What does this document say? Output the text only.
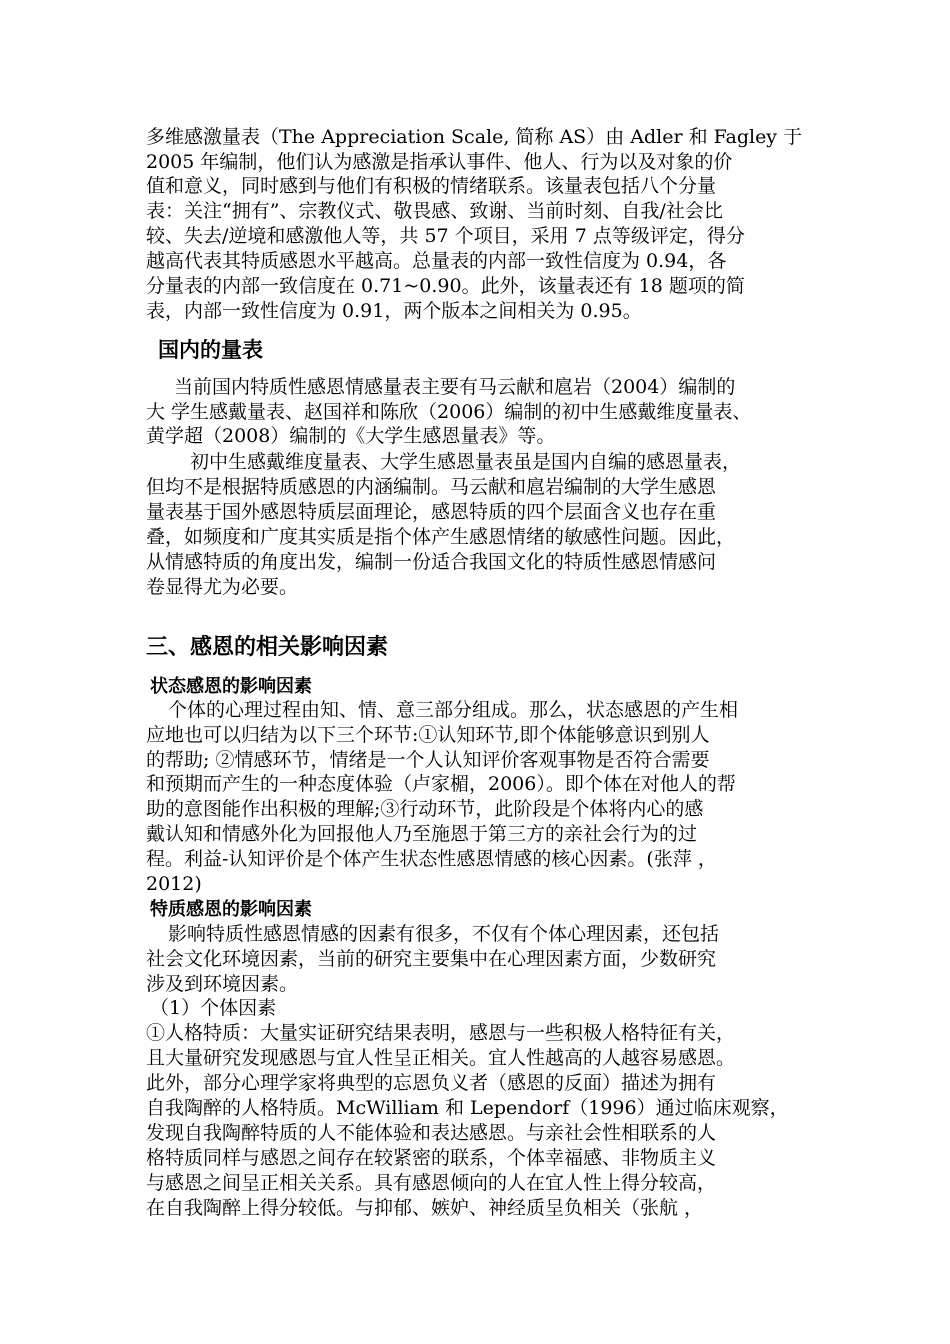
多维感激量表（The Appreciation Scale, 简称 AS）由 Adler 和 Fagley 于
2005 年编制，他们认为感激是指承认事件、他人、行为以及对象的价
值和意义，同时感到与他们有积极的情绪联系。该量表包括八个分量
表：关注“拥有”、宗教仪式、敬畏感、致谢、当前时刻、自我/社会比
较、失去/逆境和感激他人等，共 57 个项目，采用 7 点等级评定，得分
越高代表其特质感恩水平越高。总量表的内部一致性信度为 0.94，各
分量表的内部一致信度在 0.71~0.90。此外，该量表还有 18 题项的简
表，内部一致性信度为 0.91，两个版本之间相关为 0.95。
国内的量表
当前国内特质性感恩情感量表主要有马云献和扈岩（2004）编制的
大 学生感戴量表、赵国祥和陈欣（2006）编制的初中生感戴维度量表、
黄学超（2008）编制的《大学生感恩量表》等。
初中生感戴维度量表、大学生感恩量表虽是国内自编的感恩量表，
但均不是根据特质感恩的内涵编制。马云献和扈岩编制的大学生感恩
量表基于国外感恩特质层面理论，感恩特质的四个层面含义也存在重
叠，如频度和广度其实质是指个体产生感恩情绪的敏感性问题。因此，
从情感特质的角度出发，编制一份适合我国文化的特质性感恩情感问
卷显得尤为必要。
三、感恩的相关影响因素
状态感恩的影响因素
个体的心理过程由知、情、意三部分组成。那么，状态感恩的产生相
应地也可以归结为以下三个环节:①认知环节,即个体能够意识到别人
的帮助; ②情感环节，情绪是一个人认知评价客观事物是否符合需要
和预期而产生的一种态度体验（卢家楣，2006）。即个体在对他人的帮
助的意图能作出积极的理解;③行动环节，此阶段是个体将内心的感
戴认知和情感外化为回报他人乃至施恩于第三方的亲社会行为的过
程。利益-认知评价是个体产生状态性感恩情感的核心因素。(张萍 ，
2012)
特质感恩的影响因素
影响特质性感恩情感的因素有很多，不仅有个体心理因素，还包括
社会文化环境因素，当前的研究主要集中在心理因素方面，少数研究
涉及到环境因素。
（1）个体因素
①人格特质：大量实证研究结果表明，感恩与一些积极人格特征有关，
且大量研究发现感恩与宜人性呈正相关。宜人性越高的人越容易感恩。
此外，部分心理学家将典型的忘恩负义者（感恩的反面）描述为拥有
自我陶醉的人格特质。McWilliam 和 Lependorf（1996）通过临床观察，
发现自我陶醉特质的人不能体验和表达感恩。与亲社会性相联系的人
格特质同样与感恩之间存在较紧密的联系，个体幸福感、非物质主义
与感恩之间呈正相关关系。具有感恩倾向的人在宜人性上得分较高，
在自我陶醉上得分较低。与抑郁、嫉妒、神经质呈负相关（张航 ，
